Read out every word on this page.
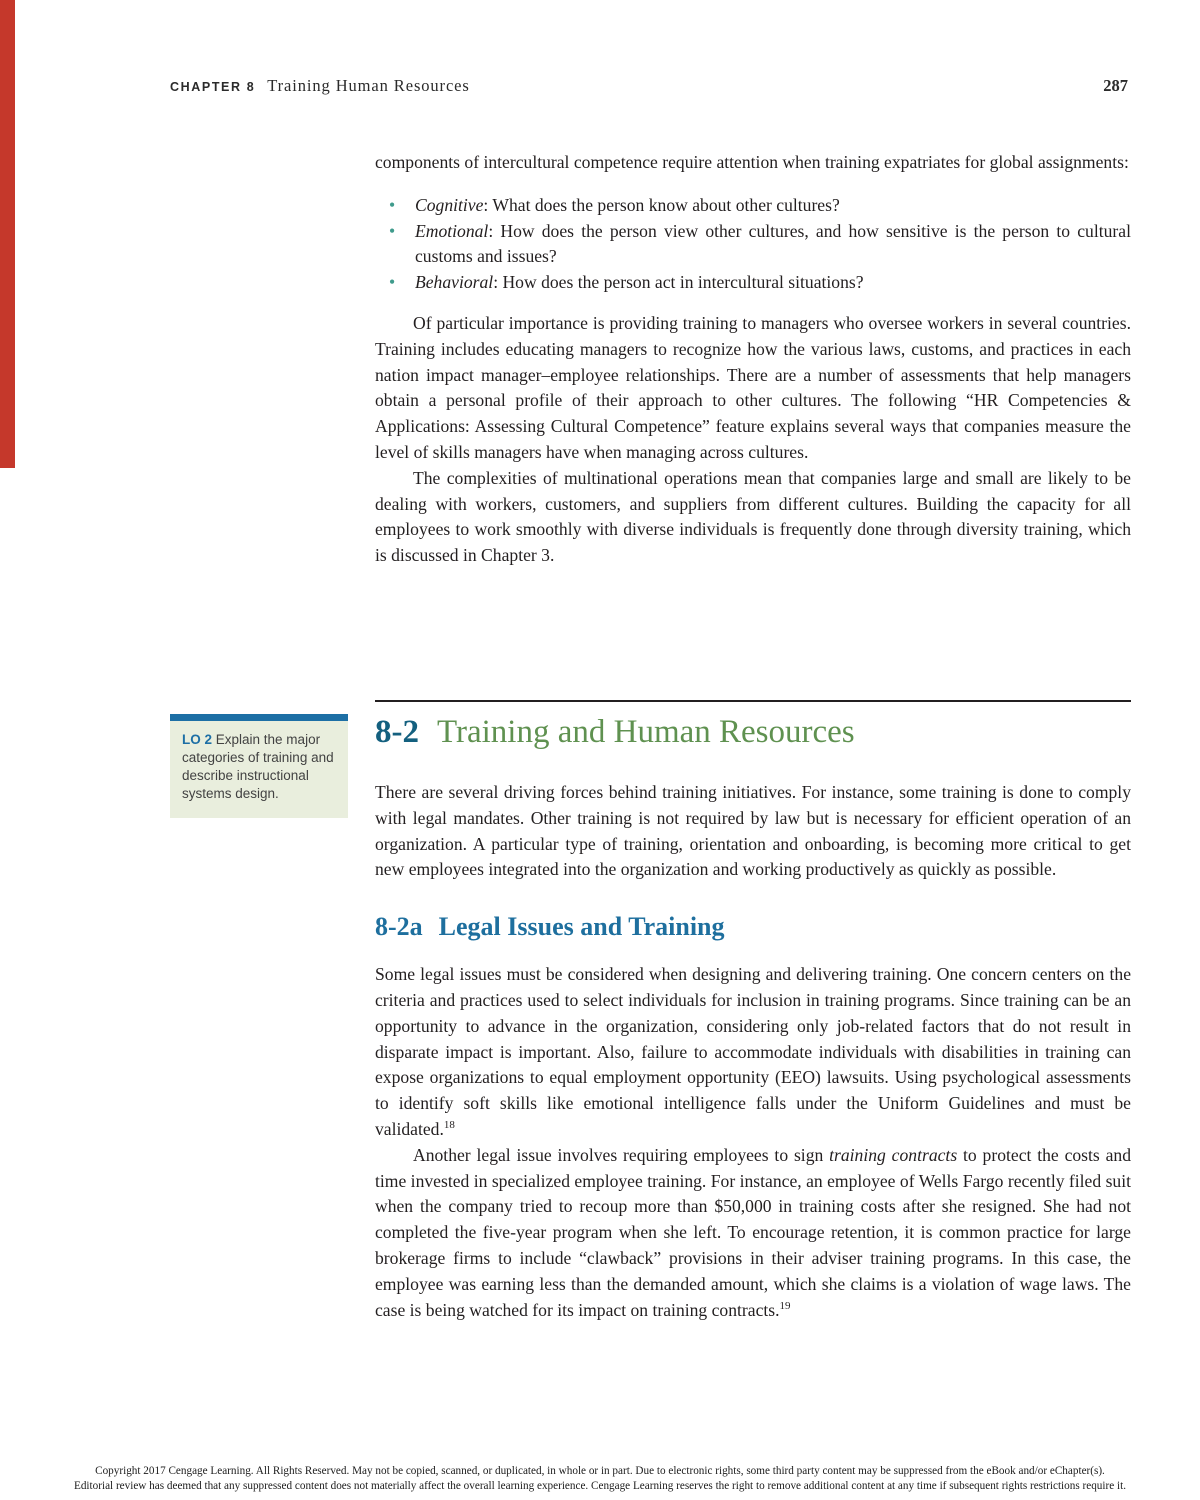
CHAPTER 8 Training Human Resources	287

components of intercultural competence require attention when training expatriates for global assignments:

• Cognitive: What does the person know about other cultures?
• Emotional: How does the person view other cultures, and how sensitive is the person to cultural customs and issues?
• Behavioral: How does the person act in intercultural situations?

Of particular importance is providing training to managers who oversee workers in several countries. Training includes educating managers to recognize how the various laws, customs, and practices in each nation impact manager–employee relationships. There are a number of assessments that help managers obtain a personal profile of their approach to other cultures. The following “HR Competencies & Applications: Assessing Cultural Competence” feature explains several ways that companies measure the level of skills managers have when managing across cultures.

The complexities of multinational operations mean that companies large and small are likely to be dealing with workers, customers, and suppliers from different cultures. Building the capacity for all employees to work smoothly with diverse individuals is frequently done through diversity training, which is discussed in Chapter 3.

LO 2 Explain the major categories of training and describe instructional systems design.
8-2 Training and Human Resources

There are several driving forces behind training initiatives. For instance, some training is done to comply with legal mandates. Other training is not required by law but is necessary for efficient operation of an organization. A particular type of training, orientation and onboarding, is becoming more critical to get new employees integrated into the organization and working productively as quickly as possible.

8-2a Legal Issues and Training

Some legal issues must be considered when designing and delivering training. One concern centers on the criteria and practices used to select individuals for inclusion in training programs. Since training can be an opportunity to advance in the organization, considering only job-related factors that do not result in disparate impact is important. Also, failure to accommodate individuals with disabilities in training can expose organizations to equal employment opportunity (EEO) lawsuits. Using psychological assessments to identify soft skills like emotional intelligence falls under the Uniform Guidelines and must be validated.$^{18}$

Another legal issue involves requiring employees to sign training contracts to protect the costs and time invested in specialized employee training. For instance, an employee of Wells Fargo recently filed suit when the company tried to recoup more than $50,000 in training costs after she resigned. She had not completed the five-year program when she left. To encourage retention, it is common practice for large brokerage firms to include “clawback” provisions in their adviser training programs. In this case, the employee was earning less than the demanded amount, which she claims is a violation of wage laws. The case is being watched for its impact on training contracts.$^{19}$

Copyright 2017 Cengage Learning. All Rights Reserved. May not be copied, scanned, or duplicated, in whole or in part. Due to electronic rights, some third party content may be suppressed from the eBook and/or eChapter(s).
Editorial review has deemed that any suppressed content does not materially affect the overall learning experience. Cengage Learning reserves the right to remove additional content at any time if subsequent rights restrictions require it.
